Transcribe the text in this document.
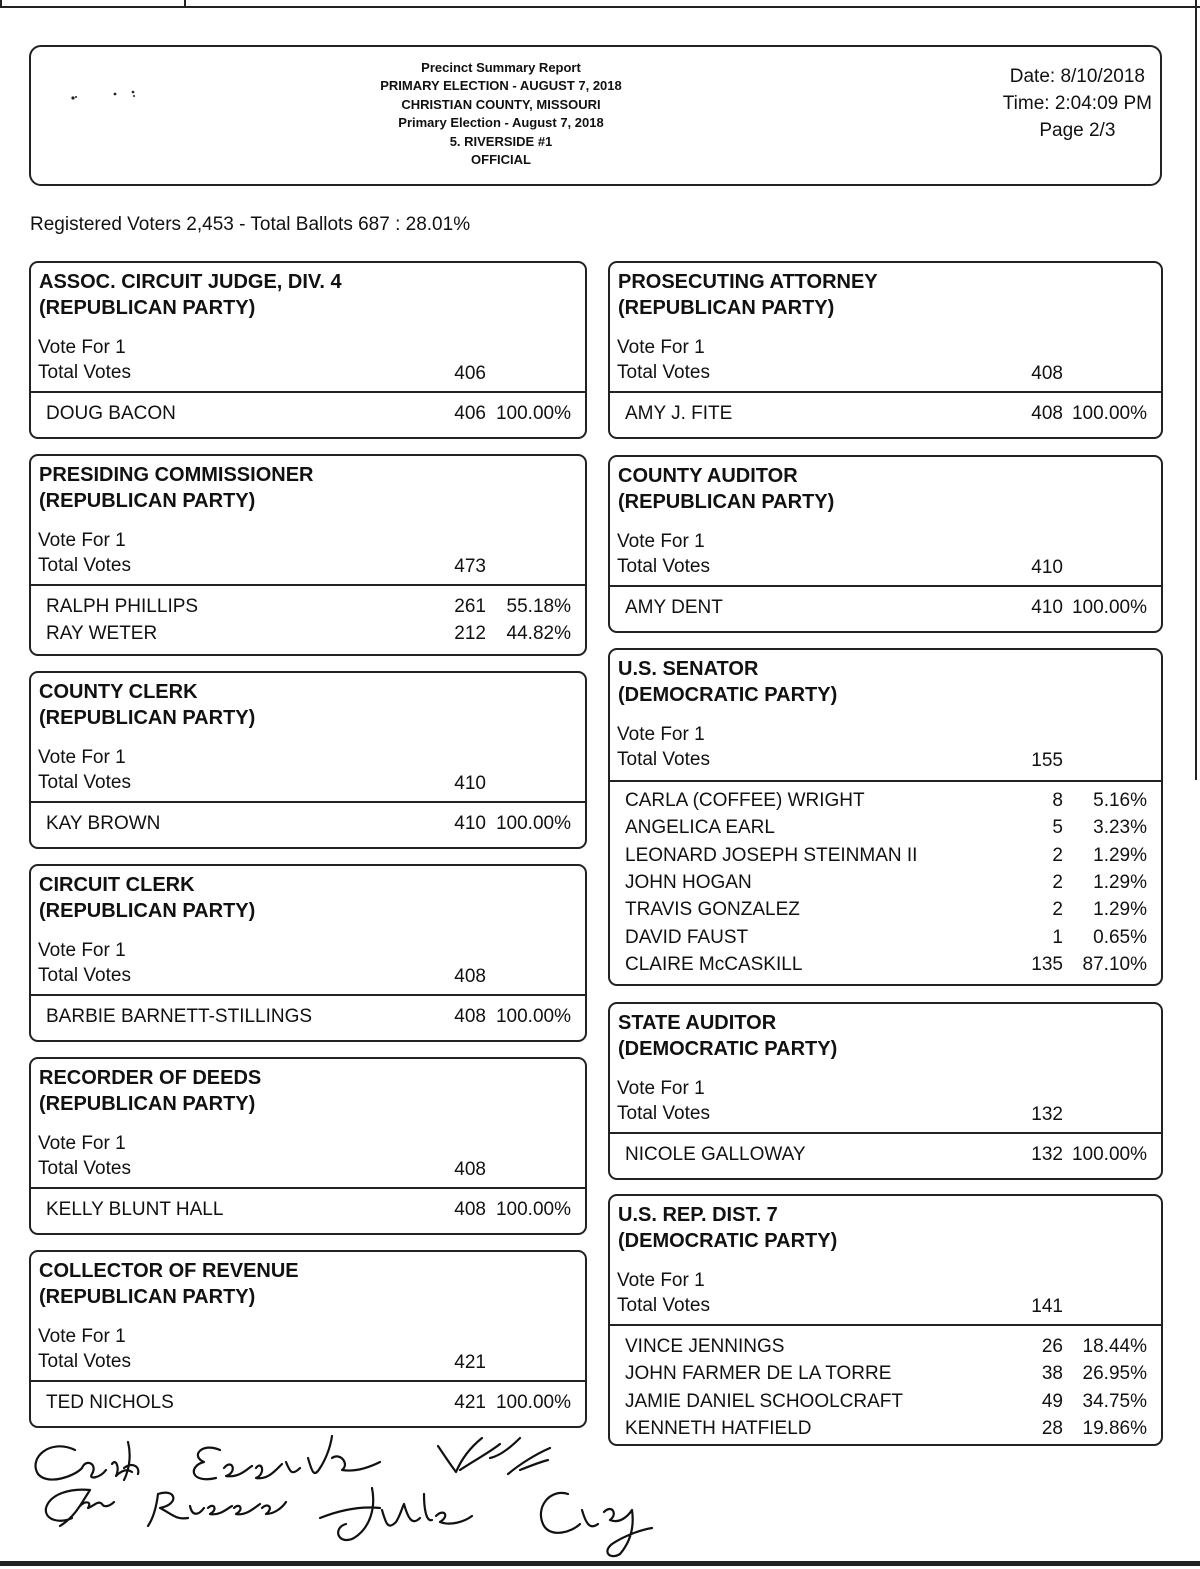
Precinct Summary Report
PRIMARY ELECTION - AUGUST 7, 2018
CHRISTIAN COUNTY, MISSOURI
Primary Election - August 7, 2018
5. RIVERSIDE #1
OFFICIAL
Date: 8/10/2018
Time: 2:04:09 PM
Page 2/3
Registered Voters 2,453 - Total Ballots 687 : 28.01%
ASSOC. CIRCUIT JUDGE, DIV. 4
(REPUBLICAN PARTY)
Vote For 1
Total Votes	406
DOUG BACON	406 100.00%
PRESIDING COMMISSIONER
(REPUBLICAN PARTY)
Vote For 1
Total Votes	473
RALPH PHILLIPS	261	55.18%
RAY WETER	212	44.82%
COUNTY CLERK
(REPUBLICAN PARTY)
Vote For 1
Total Votes	410
KAY BROWN	410 100.00%
CIRCUIT CLERK
(REPUBLICAN PARTY)
Vote For 1
Total Votes	408
BARBIE BARNETT-STILLINGS	408 100.00%
RECORDER OF DEEDS
(REPUBLICAN PARTY)
Vote For 1
Total Votes	408
KELLY BLUNT HALL	408 100.00%
COLLECTOR OF REVENUE
(REPUBLICAN PARTY)
Vote For 1
Total Votes	421
TED NICHOLS	421 100.00%
PROSECUTING ATTORNEY
(REPUBLICAN PARTY)
Vote For 1
Total Votes	408
AMY J. FITE	408 100.00%
COUNTY AUDITOR
(REPUBLICAN PARTY)
Vote For 1
Total Votes	410
AMY DENT	410 100.00%
U.S. SENATOR
(DEMOCRATIC PARTY)
Vote For 1
Total Votes	155
CARLA (COFFEE) WRIGHT	8	5.16%
ANGELICA EARL	5	3.23%
LEONARD JOSEPH STEINMAN II	2	1.29%
JOHN HOGAN	2	1.29%
TRAVIS GONZALEZ	2	1.29%
DAVID FAUST	1	0.65%
CLAIRE McCASKILL	135	87.10%
STATE AUDITOR
(DEMOCRATIC PARTY)
Vote For 1
Total Votes	132
NICOLE GALLOWAY	132 100.00%
U.S. REP. DIST. 7
(DEMOCRATIC PARTY)
Vote For 1
Total Votes	141
VINCE JENNINGS	26	18.44%
JOHN FARMER DE LA TORRE	38	26.95%
JAMIE DANIEL SCHOOLCRAFT	49	34.75%
KENNETH HATFIELD	28	19.86%
